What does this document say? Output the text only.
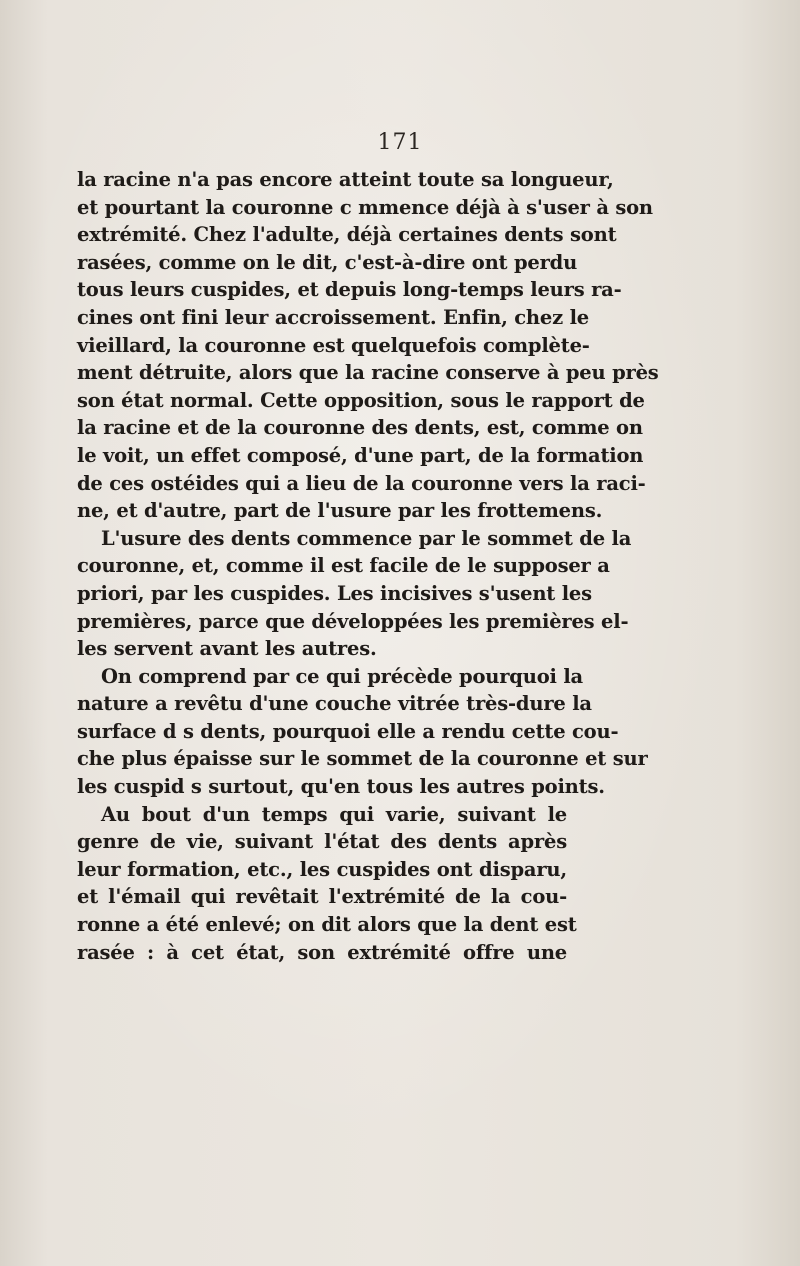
171
la racine n'a pas encore atteint toute sa longueur,
et pourtant la couronne c mmence déjà à s'user à son
extrémité. Chez l'adulte, déjà certaines dents sont
rasées, comme on le dit, c'est-à-dire ont perdu
tous leurs cuspides, et depuis long-temps leurs ra-
cines ont fini leur accroissement. Enfin, chez le
vieillard, la couronne est quelquefois complète-
ment détruite, alors que la racine conserve à peu près
son état normal. Cette opposition, sous le rapport de
la racine et de la couronne des dents, est, comme on
le voit, un effet composé, d'une part, de la formation
de ces ostéides qui a lieu de la couronne vers la raci-
ne, et d'autre, part de l'usure par les frottemens.
L'usure des dents commence par le sommet de la
couronne, et, comme il est facile de le supposer a
priori, par les cuspides. Les incisives s'usent les
premières, parce que développées les premières el-
les servent avant les autres.
On comprend par ce qui précède pourquoi la
nature a revêtu d'une couche vitrée très-dure la
surface d s dents, pourquoi elle a rendu cette cou-
che plus épaisse sur le sommet de la couronne et sur
les cuspid s surtout, qu'en tous les autres points.
Au bout d'un temps qui varie, suivant le
genre de vie, suivant l'état des dents après
leur formation, etc., les cuspides ont disparu,
et l'émail qui revêtait l'extrémité de la cou-
ronne a été enlevé; on dit alors que la dent est
rasée : à cet état, son extrémité offre une
